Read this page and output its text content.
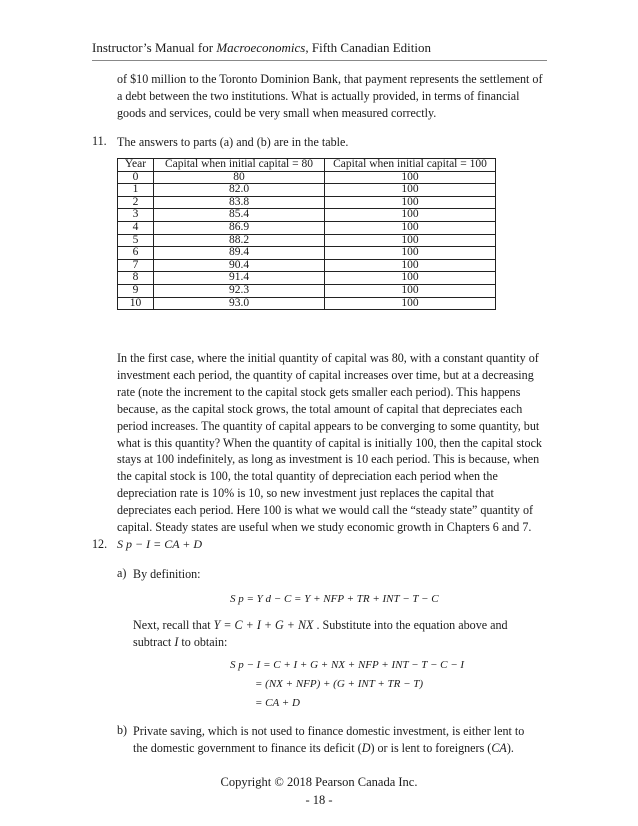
Instructor’s Manual for Macroeconomics, Fifth Canadian Edition

of $10 million to the Toronto Dominion Bank, that payment represents the settlement of a debt between the two institutions. What is actually provided, in terms of financial goods and services, could be very small when measured correctly.

11. The answers to parts (a) and (b) are in the table.

Year	Capital when initial capital = 80	Capital when initial capital = 100
0	80	100
1	82.0	100
2	83.8	100
3	85.4	100
4	86.9	100
5	88.2	100
6	89.4	100
7	90.4	100
8	91.4	100
9	92.3	100
10	93.0	100

In the first case, where the initial quantity of capital was 80, with a constant quantity of investment each period, the quantity of capital increases over time, but at a decreasing rate (note the increment to the capital stock gets smaller each period). This happens because, as the capital stock grows, the total amount of capital that depreciates each period increases. The quantity of capital appears to be converging to some quantity, but what is this quantity? When the quantity of capital is initially 100, then the capital stock stays at 100 indefinitely, as long as investment is 10 each period. This is because, when the capital stock is 100, the total quantity of depreciation each period when the depreciation rate is 10% is 10, so new investment just replaces the capital that depreciates each period. Here 100 is what we would call the “steady state” quantity of capital. Steady states are useful when we study economic growth in Chapters 6 and 7.

12. S p − I = CA + D
a) By definition:
S p = Y d − C = Y + NFP + TR + INT − T − C
Next, recall that Y = C + I + G + NX . Substitute into the equation above and
subtract I to obtain:
S p − I = C + I + G + NX + NFP + INT − T − C − I
= (NX + NFP) + (G + INT + TR − T)
= CA + D
b) Private saving, which is not used to finance domestic investment, is either lent to
the domestic government to finance its deficit (D) or is lent to foreigners (CA).
Copyright © 2018 Pearson Canada Inc.
- 18 -
